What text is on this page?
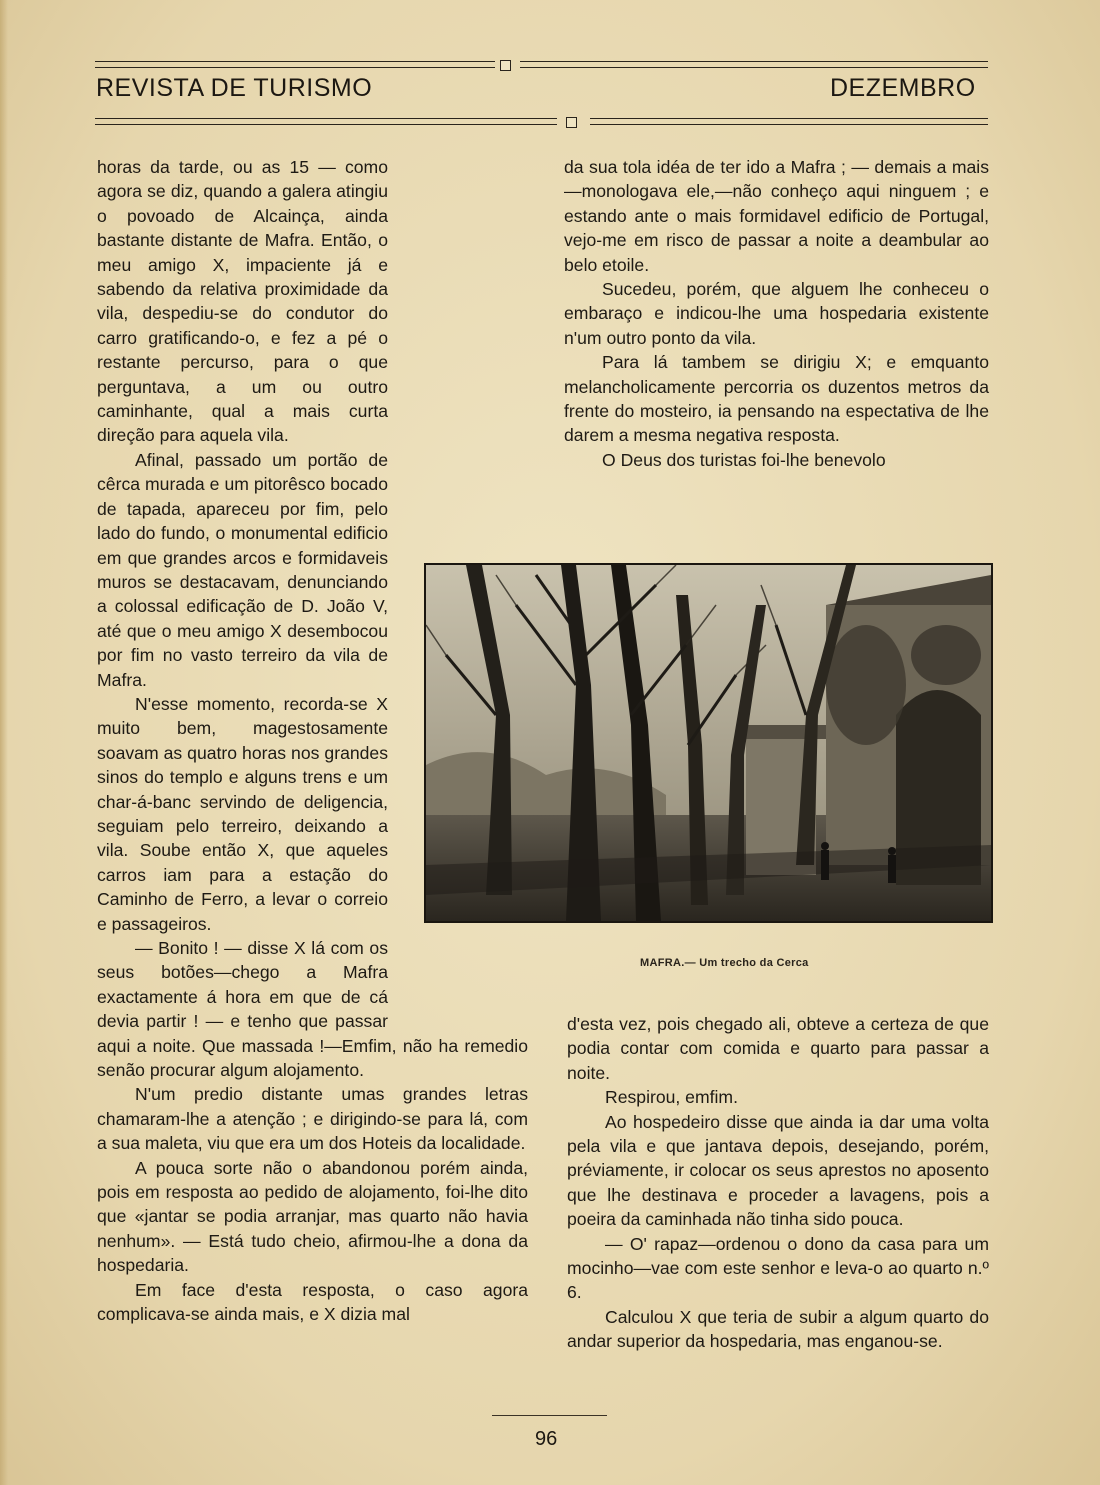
REVISTA DE TURISMO	DEZEMBRO

horas da tarde, ou as 15 — como agora se diz, quando a galera atingiu o povoado de Alcainça, ainda bastante distante de Mafra. Então, o meu amigo X, impaciente já e sabendo da relativa proximidade da vila, despediu-se do condutor do carro gratificando-o, e fez a pé o restante percurso, para o que perguntava, a um ou outro caminhante, qual a mais curta direção para aquela vila.

Afinal, passado um portão de cêrca murada e um pitorêsco bocado de tapada, apareceu por fim, pelo lado do fundo, o monumental edificio em que grandes arcos e formidaveis muros se destacavam, denunciando a colossal edificação de D. João V, até que o meu amigo X desembocou por fim no vasto terreiro da vila de Mafra.

N'esse momento, recorda-se X muito bem, magestosamente soavam as quatro horas nos grandes sinos do templo e alguns trens e um char-á-banc servindo de deligencia, seguiam pelo terreiro, deixando a vila. Soube então X, que aqueles carros iam para a estação do Caminho de Ferro, a levar o correio e passageiros.

— Bonito ! — disse X lá com os seus botões—chego a Mafra exactamente á hora em que de cá devia partir ! — e tenho que passar aqui a noite. Que massada !—Emfim, não ha remedio senão procurar algum alojamento.

N'um predio distante umas grandes letras chamaram-lhe a atenção ; e dirigindo-se para lá, com a sua maleta, viu que era um dos Hoteis da localidade.

A pouca sorte não o abandonou porém ainda, pois em resposta ao pedido de alojamento, foi-lhe dito que «jantar se podia arranjar, mas quarto não havia nenhum». — Está tudo cheio, afirmou-lhe a dona da hospedaria.

Em face d'esta resposta, o caso agora complicava-se ainda mais, e X dizia mal

da sua tola idéa de ter ido a Mafra ; — demais a mais—monologava ele,—não conheço aqui ninguem ; e estando ante o mais formidavel edificio de Portugal, vejo-me em risco de passar a noite a deambular ao belo etoile.

Sucedeu, porém, que alguem lhe conheceu o embaraço e indicou-lhe uma hospedaria existente n'um outro ponto da vila.

Para lá tambem se dirigiu X; e emquanto melancholicamente percorria os duzentos metros da frente do mosteiro, ia pensando na espectativa de lhe darem a mesma negativa resposta.

O Deus dos turistas foi-lhe benevolo

MAFRA.— Um trecho da Cerca

d'esta vez, pois chegado ali, obteve a certeza de que podia contar com comida e quarto para passar a noite.

Respirou, emfim.

Ao hospedeiro disse que ainda ia dar uma volta pela vila e que jantava depois, desejando, porém, préviamente, ir colocar os seus aprestos no aposento que lhe destinava e proceder a lavagens, pois a poeira da caminhada não tinha sido pouca.

— O' rapaz—ordenou o dono da casa para um mocinho—vae com este senhor e leva-o ao quarto n.º 6.

Calculou X que teria de subir a algum quarto do andar superior da hospedaria, mas enganou-se.

96
